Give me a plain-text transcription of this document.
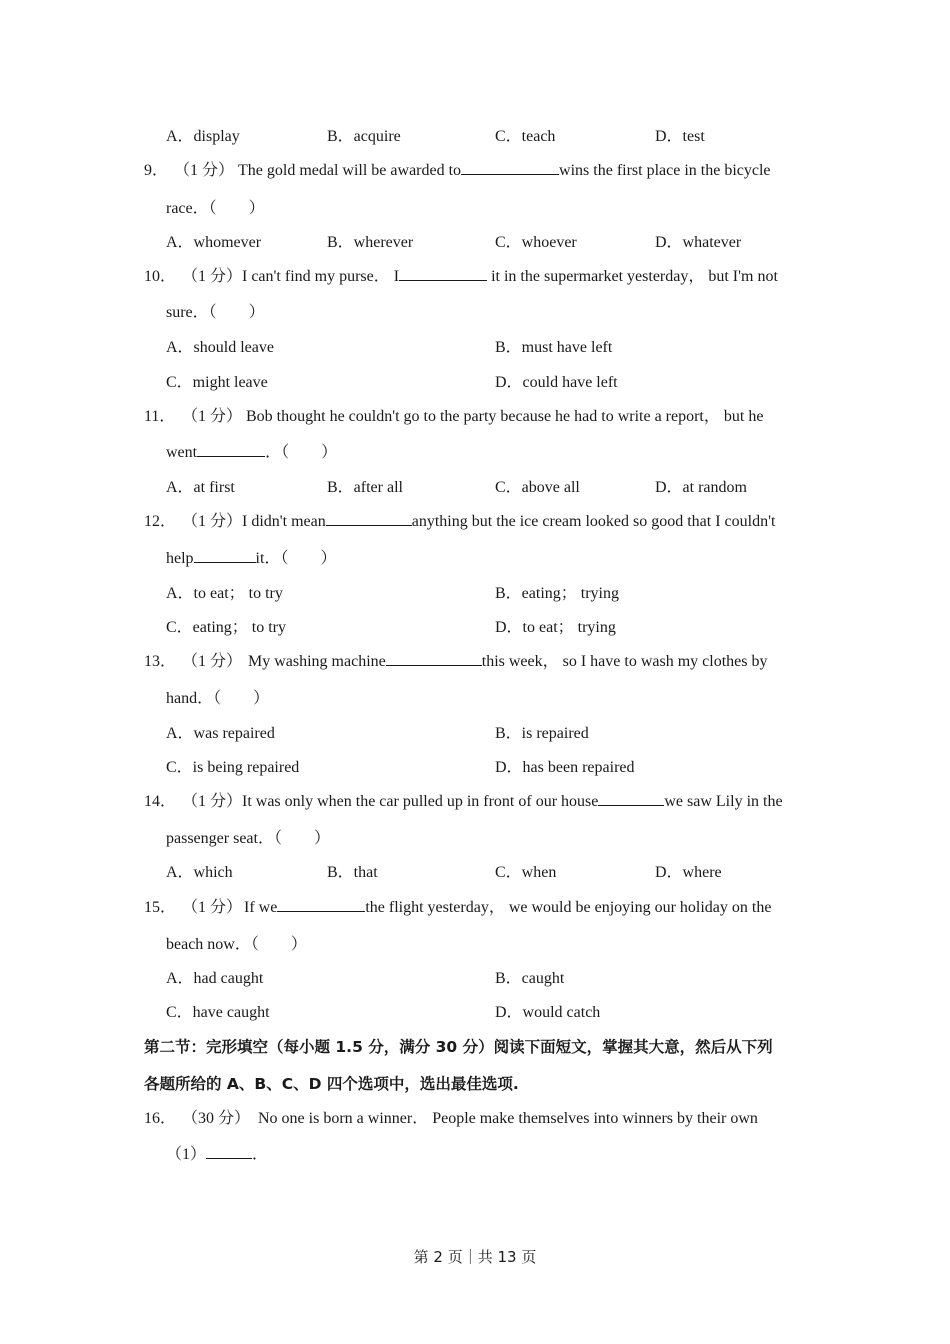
A．display	B．acquire	C．teach	D．test
9． （1 分） The gold medal will be awarded to	wins the first place in the bicycle
race．（　　）
A．whomever	B．wherever	C．whoever	D．whatever
10． （1 分） I can't find my purse． I	it in the supermarket yesterday， but I'm not
sure．（　　）
A．should leave	B．must have left
C．might leave	D．could have left
11． （1 分） Bob thought he couldn't go to the party because he had to write a report， but he
went	．（　　）
A．at first	B．after all	C．above all	D．at random
12． （1 分） I didn't mean	anything but the ice cream looked so good that I couldn't
help	it．（　　）
A．to eat； to try	B．eating； trying
C．eating； to try	D．to eat； trying
13． （1 分） My washing machine	this week， so I have to wash my clothes by
hand．（　　）
A．was repaired	B．is repaired
C．is being repaired	D．has been repaired
14． （1 分） It was only when the car pulled up in front of our house	we saw Lily in the
passenger seat．（　　）
A．which	B．that	C．when	D．where
15． （1 分） If we	the flight yesterday， we would be enjoying our holiday on the
beach now．（　　）
A．had caught	B．caught
C．have caught	D．would catch
第二节：完形填空（每小题 1.5 分，满分 30 分）阅读下面短文，掌握其大意，然后从下列
各题所给的 A、B、C、D 四个选项中，选出最佳选项.
16． （30 分） No one is born a winner． People make themselves into winners by their own
（1）	．
第 2 页｜共 13 页
